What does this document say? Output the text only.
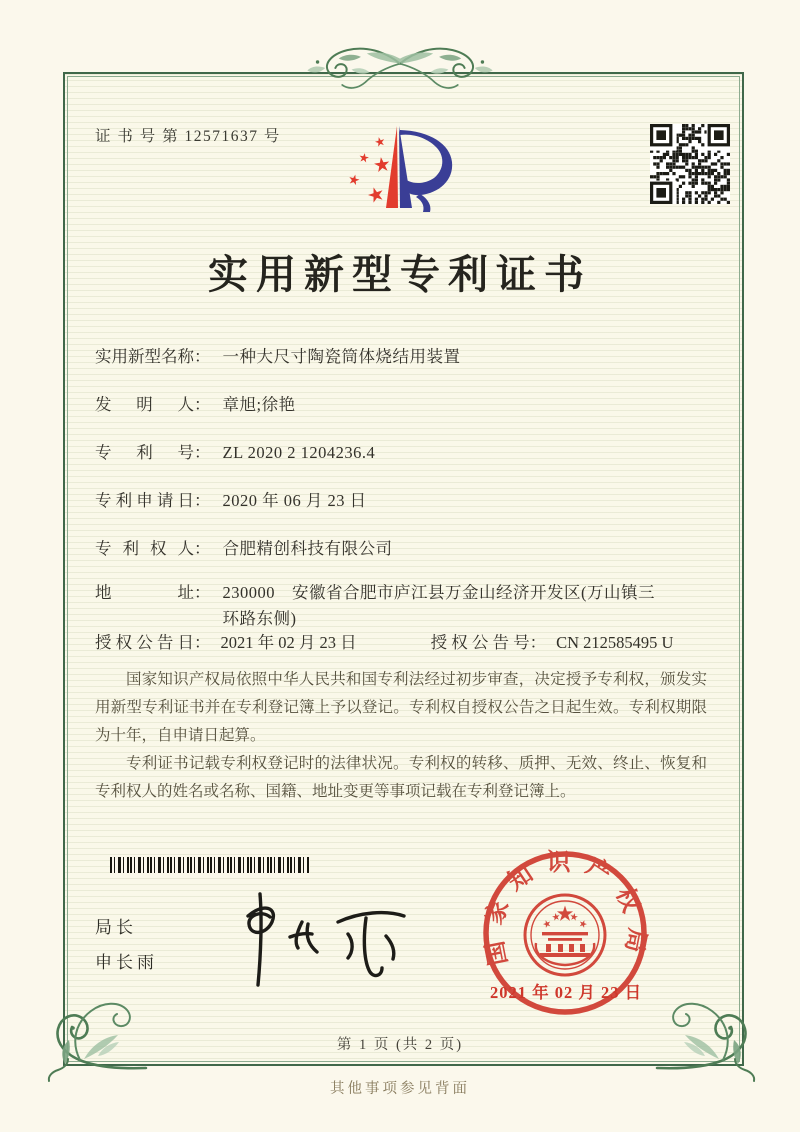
证 书 号 第 12571637 号
实用新型专利证书
实用新型名称 ： 一种大尺寸陶瓷筒体烧结用装置
发明人 ： 章旭;徐艳
专利号 ： ZL 2020 2 1204236.4
专利申请日 ： 2020 年 06 月 23 日
专利权人 ： 合肥精创科技有限公司
地址 ： 230000　安徽省合肥市庐江县万金山经济开发区(万山镇三环路东侧)
授权公告日 ： 2021 年 02 月 23 日	授权公告号 ： CN 212585495 U

国家知识产权局依照中华人民共和国专利法经过初步审查，决定授予专利权，颁发实用新型专利证书并在专利登记簿上予以登记。专利权自授权公告之日起生效。专利权期限为十年，自申请日起算。

专利证书记载专利权登记时的法律状况。专利权的转移、质押、无效、终止、恢复和专利权人的姓名或名称、国籍、地址变更等事项记载在专利登记簿上。

局长
申长雨	国家知识产权局
2021 年 02 月 23 日
第 1 页 (共 2 页)
其他事项参见背面
